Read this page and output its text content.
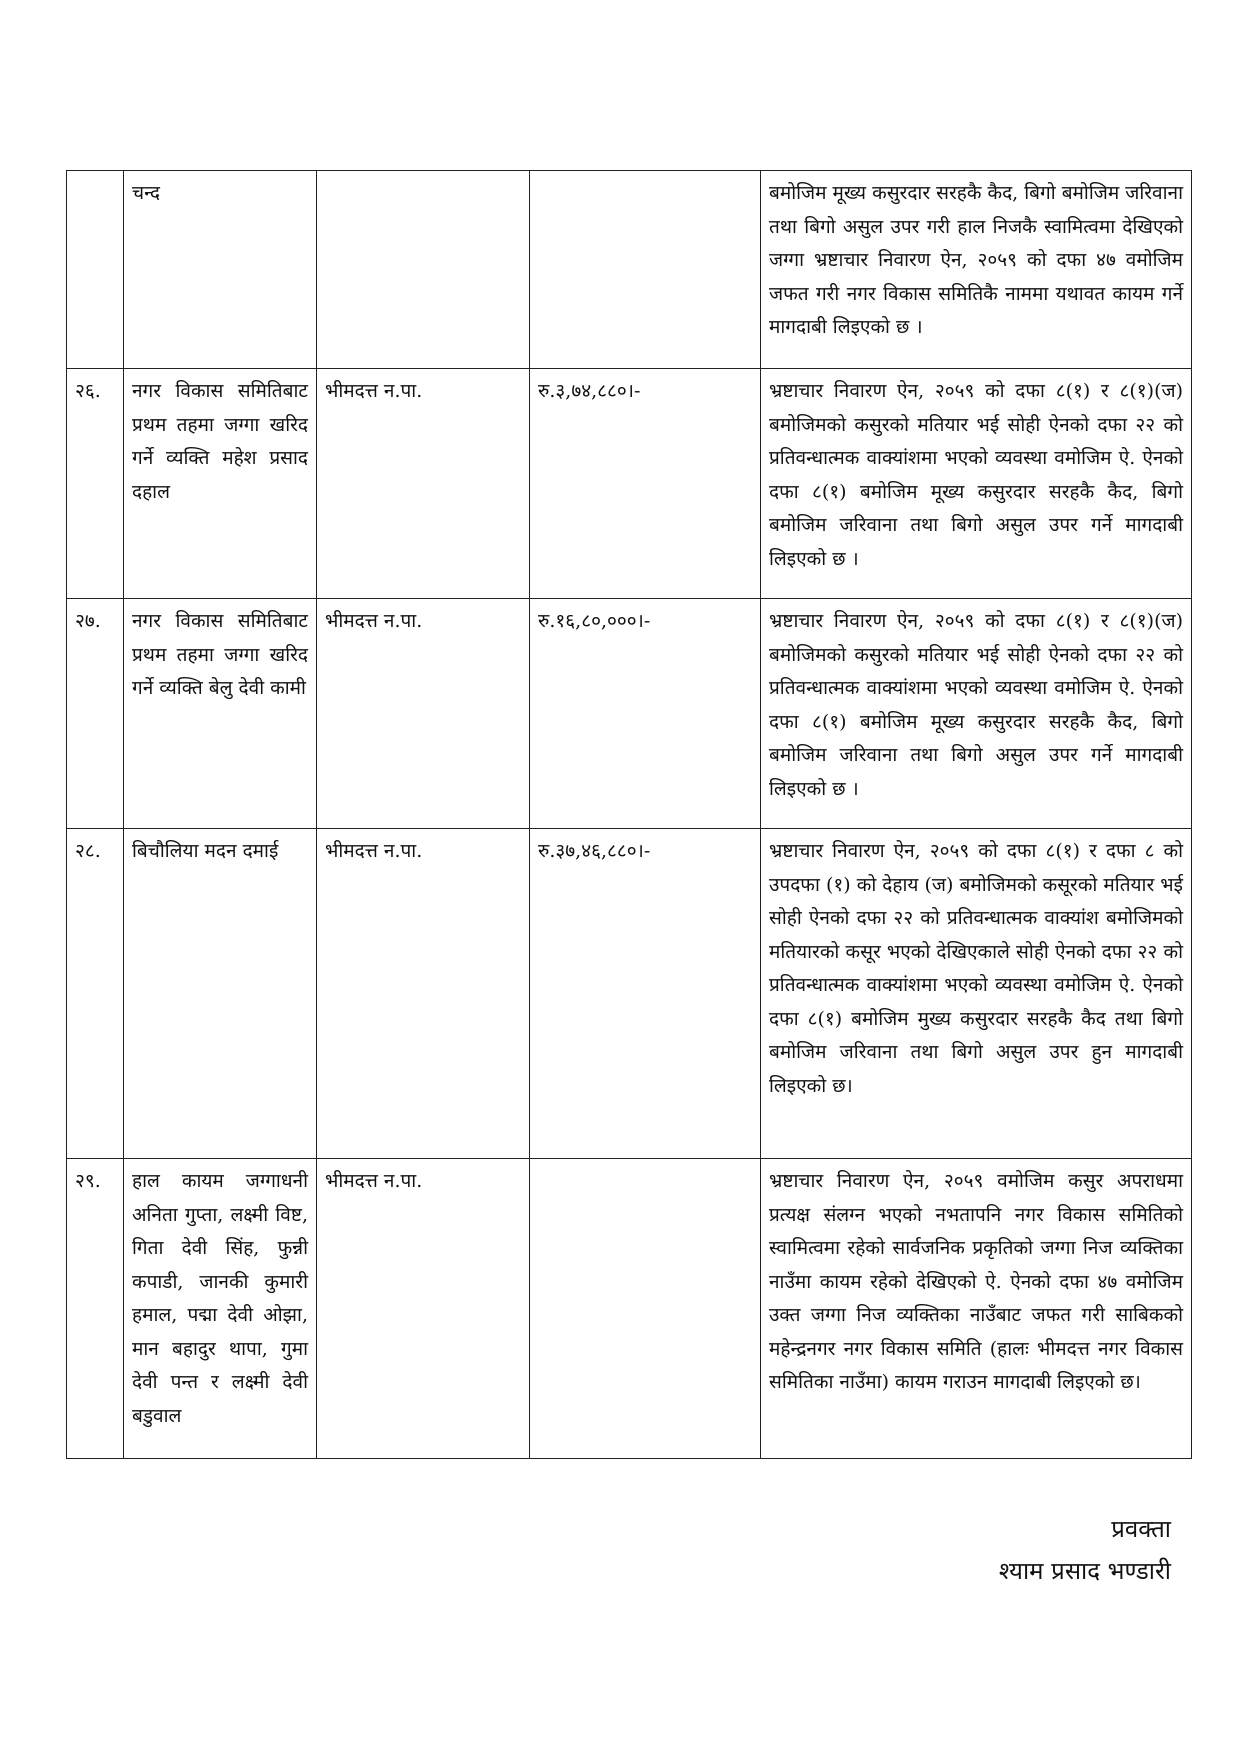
	चन्द			बमोजिम मूख्य कसुरदार सरहकै कैद, बिगो बमोजिम जरिवाना तथा बिगो असुल उपर गरी हाल निजकै स्वामित्वमा देखिएको जग्गा भ्रष्टाचार निवारण ऐन, २०५९ को दफा ४७ वमोजिम जफत गरी नगर विकास समितिकै नाममा यथावत कायम गर्ने मागदाबी लिइएको छ ।
२६.	नगर विकास समितिबाट प्रथम तहमा जग्गा खरिद गर्ने व्यक्ति महेश प्रसाद दहाल	भीमदत्त न.पा.	रु.३,७४,८८०।-	भ्रष्टाचार निवारण ऐन, २०५९ को दफा ८(१) र ८(१)(ज) बमोजिमको कसुरको मतियार भई सोही ऐनको दफा २२ को प्रतिवन्धात्मक वाक्यांशमा भएको व्यवस्था वमोजिम ऐ. ऐनको दफा ८(१) बमोजिम मूख्य कसुरदार सरहकै कैद, बिगो बमोजिम जरिवाना तथा बिगो असुल उपर गर्ने मागदाबी लिइएको छ ।
२७.	नगर विकास समितिबाट प्रथम तहमा जग्गा खरिद गर्ने व्यक्ति बेलु देवी कामी	भीमदत्त न.पा.	रु.१६,८०,०००।-	भ्रष्टाचार निवारण ऐन, २०५९ को दफा ८(१) र ८(१)(ज) बमोजिमको कसुरको मतियार भई सोही ऐनको दफा २२ को प्रतिवन्धात्मक वाक्यांशमा भएको व्यवस्था वमोजिम ऐ. ऐनको दफा ८(१) बमोजिम मूख्य कसुरदार सरहकै कैद, बिगो बमोजिम जरिवाना तथा बिगो असुल उपर गर्ने मागदाबी लिइएको छ ।
२८.	बिचौलिया मदन दमाई	भीमदत्त न.पा.	रु.३७,४६,८८०।-	भ्रष्टाचार निवारण ऐन, २०५९ को दफा ८(१) र दफा ८ को उपदफा (१) को देहाय (ज) बमोजिमको कसूरको मतियार भई सोही ऐनको दफा २२ को प्रतिवन्धात्मक वाक्यांश बमोजिमको मतियारको कसूर भएको देखिएकाले सोही ऐनको दफा २२ को प्रतिवन्धात्मक वाक्यांशमा भएको व्यवस्था वमोजिम ऐ. ऐनको दफा ८(१) बमोजिम मुख्य कसुरदार सरहकै कैद तथा बिगो बमोजिम जरिवाना तथा बिगो असुल उपर हुन मागदाबी लिइएको छ।
२९.	हाल कायम जग्गाधनी अनिता गुप्ता, लक्ष्मी विष्ट, गिता देवी सिंह, फुन्नी कपाडी, जानकी कुमारी हमाल, पद्मा देवी ओझा, मान बहादुर थापा, गुमा देवी पन्त र लक्ष्मी देवी बडुवाल	भीमदत्त न.पा.		भ्रष्टाचार निवारण ऐन, २०५९ वमोजिम कसुर अपराधमा प्रत्यक्ष संलग्न भएको नभतापनि नगर विकास समितिको स्वामित्वमा रहेको सार्वजनिक प्रकृतिको जग्गा निज व्यक्तिका नाउँमा कायम रहेको देखिएको ऐ. ऐनको दफा ४७ वमोजिम उक्त जग्गा निज व्यक्तिका नाउँबाट जफत गरी साबिकको महेन्द्रनगर नगर विकास समिति (हालः भीमदत्त नगर विकास समितिका नाउँमा) कायम गराउन मागदाबी लिइएको छ।
प्रवक्ता
श्याम प्रसाद भण्डारी
